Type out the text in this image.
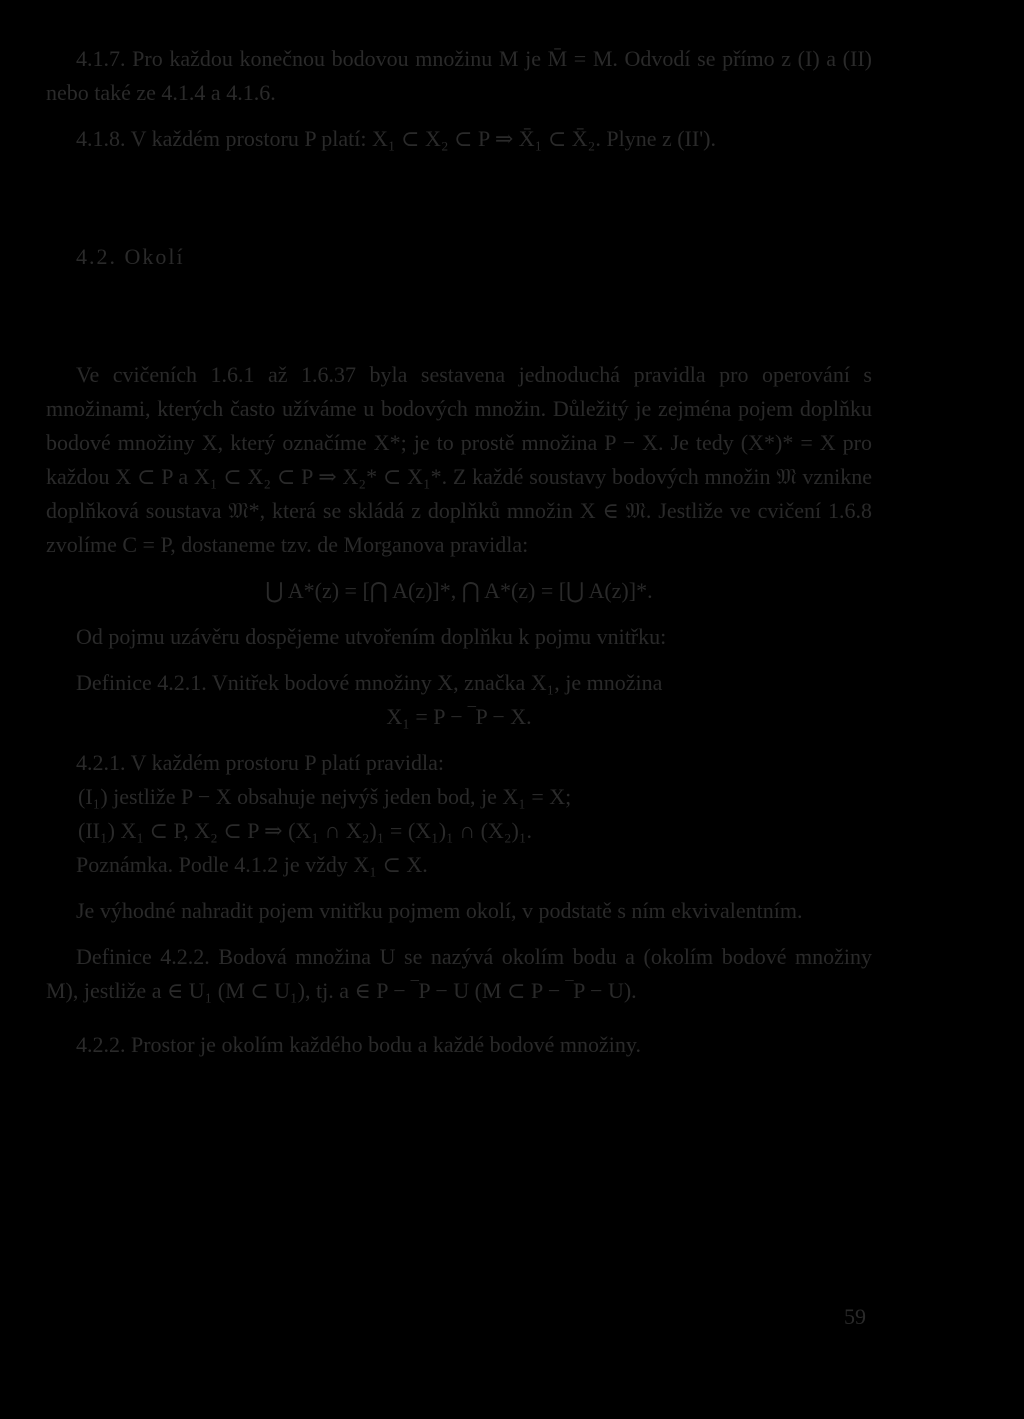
4.1.7. Pro každou konečnou bodovou množinu M je M̄ = M. Odvodí se přímo z (I) a (II) nebo také ze 4.1.4 a 4.1.6.

4.1.8. V každém prostoru P platí: X₁ ⊂ X₂ ⊂ P ⇒ X̄₁ ⊂ X̄₂. Plyne z (II').

4.2. Okolí

Ve cvičeních 1.6.1 až 1.6.37 byla sestavena jednoduchá pravidla pro operování s množinami, kterých často užíváme u bodových množin. Důležitý je zejména pojem doplňku bodové množiny X, který označíme X*; je to prostě množina P − X. Je tedy (X*)* = X pro každou X ⊂ P a X₁ ⊂ X₂ ⊂ P ⇒ X₂* ⊂ X₁*. Z každé soustavy bodových množin 𝔐 vznikne doplňková soustava 𝔐*, která se skládá z doplňků množin X ∈ 𝔐. Jestliže ve cvičení 1.6.8 zvolíme C = P, dostaneme tzv. de Morganova pravidla:

⋃ A*(z) = [⋂ A(z)]*, ⋂ A*(z) = [⋃ A(z)]*.

Od pojmu uzávěru dospějeme utvořením doplňku k pojmu vnitřku:

Definice 4.2.1. Vnitřek bodové množiny X, značka X₁, je množina

X₁ = P − ‾P − X.

4.2.1. V každém prostoru P platí pravidla:

(I₁) jestliže P − X obsahuje nejvýš jeden bod, je X₁ = X;

(II₁) X₁ ⊂ P, X₂ ⊂ P ⇒ (X₁ ∩ X₂)₁ = (X₁)₁ ∩ (X₂)₁.

Poznámka. Podle 4.1.2 je vždy X₁ ⊂ X.

Je výhodné nahradit pojem vnitřku pojmem okolí, v podstatě s ním ekvivalentním.

Definice 4.2.2. Bodová množina U se nazývá okolím bodu a (okolím bodové množiny M), jestliže a ∈ U₁ (M ⊂ U₁), tj. a ∈ P − ‾P − U (M ⊂ P − ‾P − U).

4.2.2. Prostor je okolím každého bodu a každé bodové množiny.

59
